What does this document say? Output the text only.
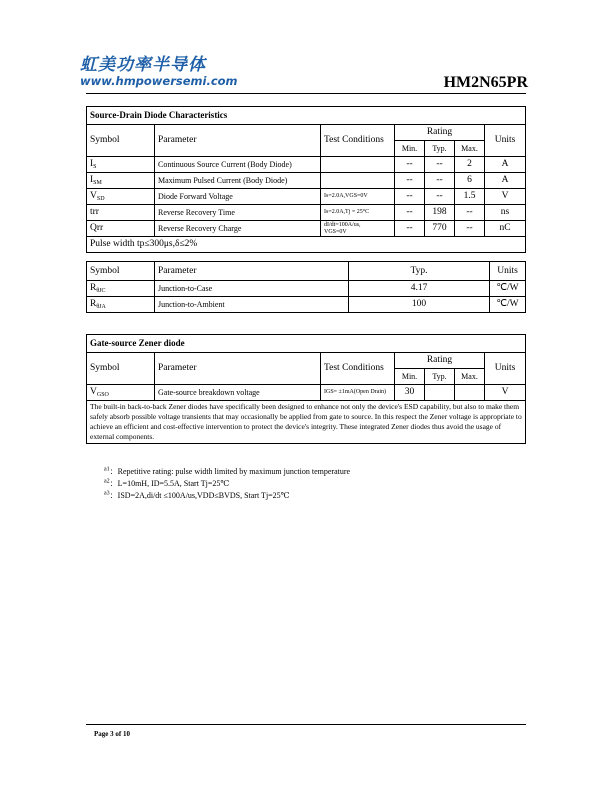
虹美功率半导体
www.hmpowersemi.com	HM2N65PR
Source-Drain Diode Characteristics						
Symbol	Parameter	Test Conditions	Rating			Units
			Min.	Typ.	Max.	
$I_S$	Continuous Source Current (Body Diode)		--	--	2	A
$I_{SM}$	Maximum Pulsed Current (Body Diode)		--	--	6	A
$V_{SD}$	Diode Forward Voltage	Is=2.0A,VGS=0V	--	--	1.5	V
trr	Reverse Recovery Time	Is=2.0A,Tj = 25°C	--	198	--	ns
Qrr	Reverse Recovery Charge	dI/dt=100A/us,
VGS=0V	--	770	--	nC
Pulse width tp≤300μs,δ≤2%						
Symbol	Parameter	Typ.	Units
$R_{\theta JC}$	Junction-to-Case	4.17	℃/W
$R_{\theta JA}$	Junction-to-Ambient	100	℃/W
Gate-source Zener diode						
Symbol	Parameter	Test Conditions	Rating			Units
			Min.	Typ.	Max.	
$V_{GSO}$	Gate-source breakdown voltage	IGS= ±1mA(Open Drain)	30			V
The built-in back-to-back Zener diodes have specifically been designed to enhance not only the device's ESD capability, but also to make them safely absorb possible voltage transients that may occasionally be applied from gate to source. In this respect the Zener voltage is appropriate to achieve an efficient and cost-effective intervention to protect the device's integrity. These integrated Zener diodes thus avoid the usage of external components.						
$^{a1}$：Repetitive rating: pulse width limited by maximum junction temperature
$^{a2}$：L=10mH, ID=5.5A, Start Tj=25℃
$^{a3}$：ISD=2A,di/dt ≤100A/us,VDD≤BVDS, Start Tj=25℃
Page 3 of 10
